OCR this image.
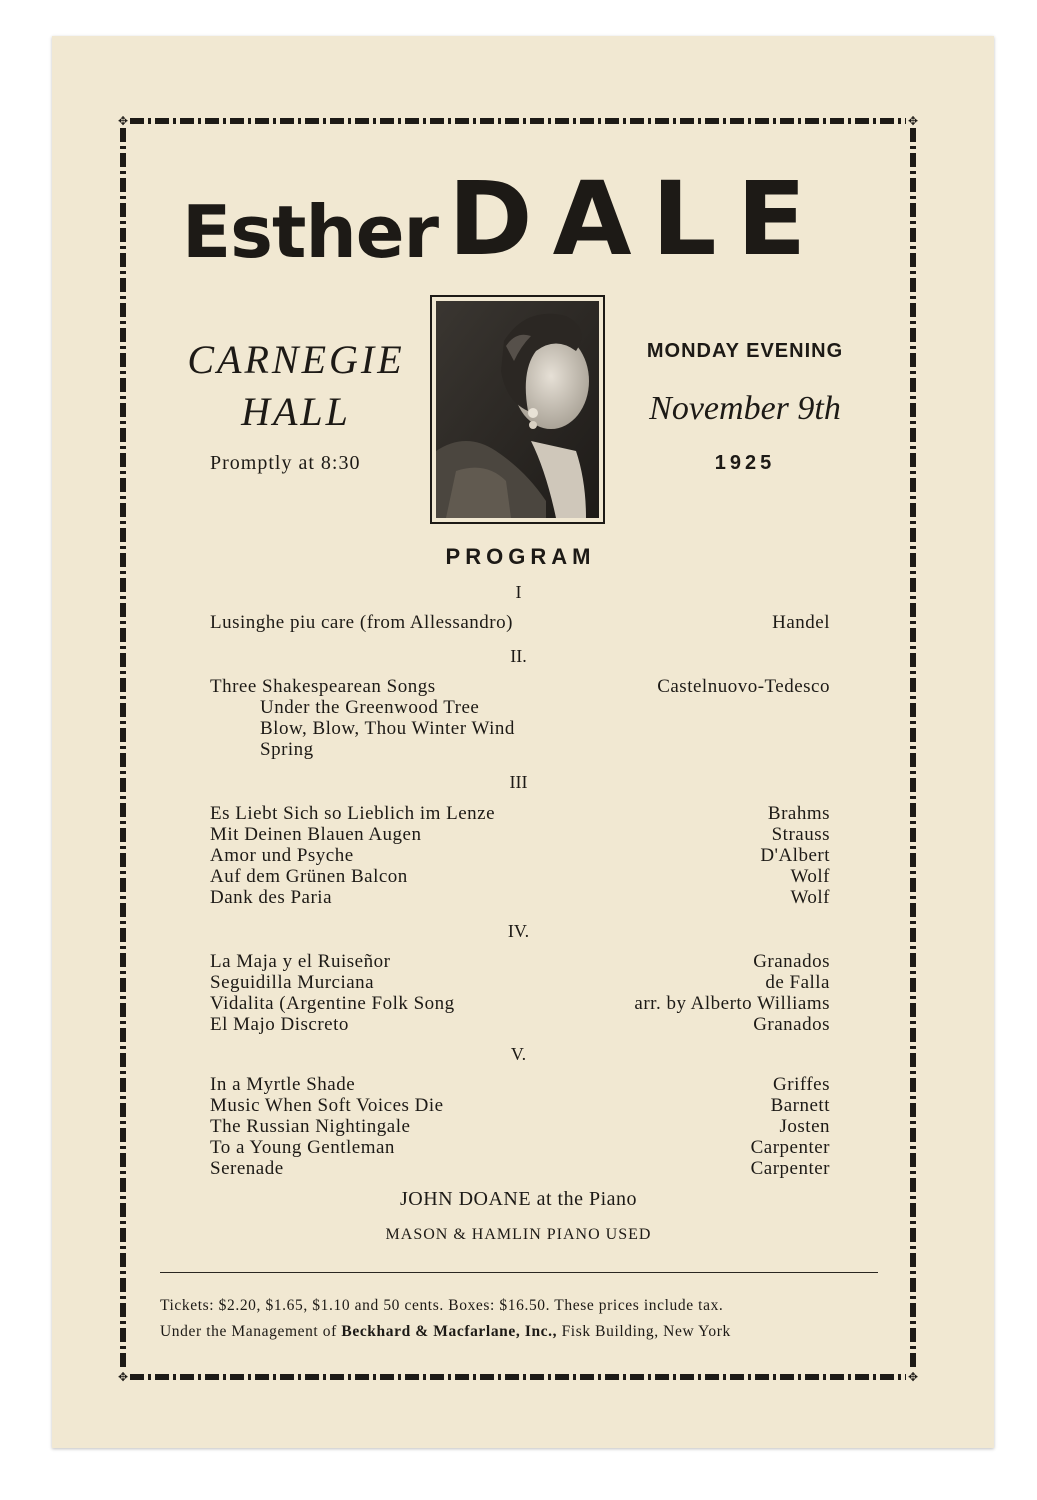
✥	✥
✥	✥
Esther DALE
CARNEGIE
HALL
Promptly at 8:30
MONDAY EVENING
November 9th
1925
PROGRAM
I
Lusinghe piu care (from Allessandro)	Handel
II.
Three Shakespearean Songs	Castelnuovo-Tedesco
Under the Greenwood Tree
Blow, Blow, Thou Winter Wind
Spring
III
Es Liebt Sich so Lieblich im Lenze	Brahms
Mit Deinen Blauen Augen	Strauss
Amor und Psyche	D'Albert
Auf dem Grünen Balcon	Wolf
Dank des Paria	Wolf
IV.
La Maja y el Ruiseñor	Granados
Seguidilla Murciana	de Falla
Vidalita (Argentine Folk Song	arr. by Alberto Williams
El Majo Discreto	Granados
V.
In a Myrtle Shade	Griffes
Music When Soft Voices Die	Barnett
The Russian Nightingale	Josten
To a Young Gentleman	Carpenter
Serenade	Carpenter
JOHN DOANE at the Piano
MASON & HAMLIN PIANO USED
Tickets: $2.20, $1.65, $1.10 and 50 cents. Boxes: $16.50. These prices include tax.
Under the Management of Beckhard & Macfarlane, Inc., Fisk Building, New York
